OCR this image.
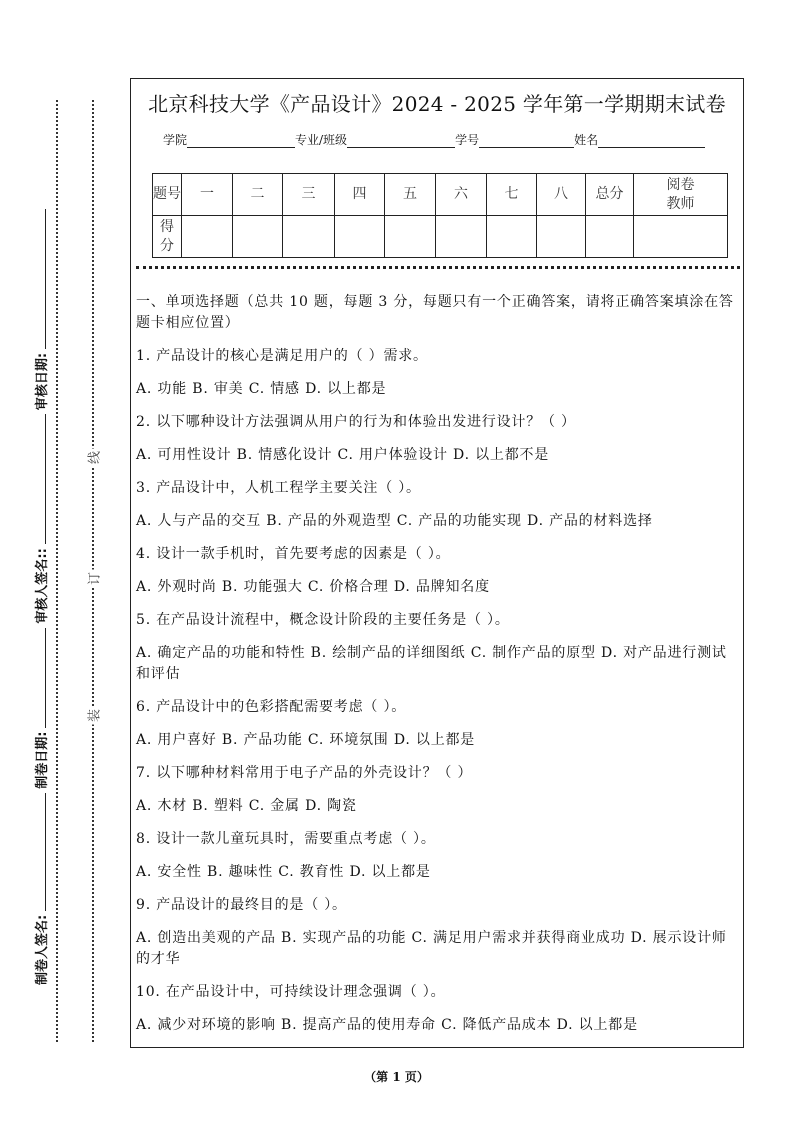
线
订
装
制卷人签名:
制卷日期:
审核人签名::
审核日期:
北京科技大学《产品设计》2024 - 2025 学年第一学期期末试卷
学院	专业/班级	学号	姓名
题号	一	二	三	四	五	六	七	八	总分	阅卷教师
得分										

一、单项选择题（总共 10 题，每题 3 分，每题只有一个正确答案，请将正确答案填涂在答题卡相应位置）

1. 产品设计的核心是满足用户的（ ）需求。

A. 功能 B. 审美 C. 情感 D. 以上都是

2. 以下哪种设计方法强调从用户的行为和体验出发进行设计？（ ）

A. 可用性设计 B. 情感化设计 C. 用户体验设计 D. 以上都不是

3. 产品设计中，人机工程学主要关注（ ）。

A. 人与产品的交互 B. 产品的外观造型 C. 产品的功能实现 D. 产品的材料选择

4. 设计一款手机时，首先要考虑的因素是（ ）。

A. 外观时尚 B. 功能强大 C. 价格合理 D. 品牌知名度

5. 在产品设计流程中，概念设计阶段的主要任务是（ ）。

A. 确定产品的功能和特性 B. 绘制产品的详细图纸 C. 制作产品的原型 D. 对产品进行测试和评估

6. 产品设计中的色彩搭配需要考虑（ ）。

A. 用户喜好 B. 产品功能 C. 环境氛围 D. 以上都是

7. 以下哪种材料常用于电子产品的外壳设计？（ ）

A. 木材 B. 塑料 C. 金属 D. 陶瓷

8. 设计一款儿童玩具时，需要重点考虑（ ）。

A. 安全性 B. 趣味性 C. 教育性 D. 以上都是

9. 产品设计的最终目的是（ ）。

A. 创造出美观的产品 B. 实现产品的功能 C. 满足用户需求并获得商业成功 D. 展示设计师的才华

10. 在产品设计中，可持续设计理念强调（ ）。

A. 减少对环境的影响 B. 提高产品的使用寿命 C. 降低产品成本 D. 以上都是

（第 1 页）
